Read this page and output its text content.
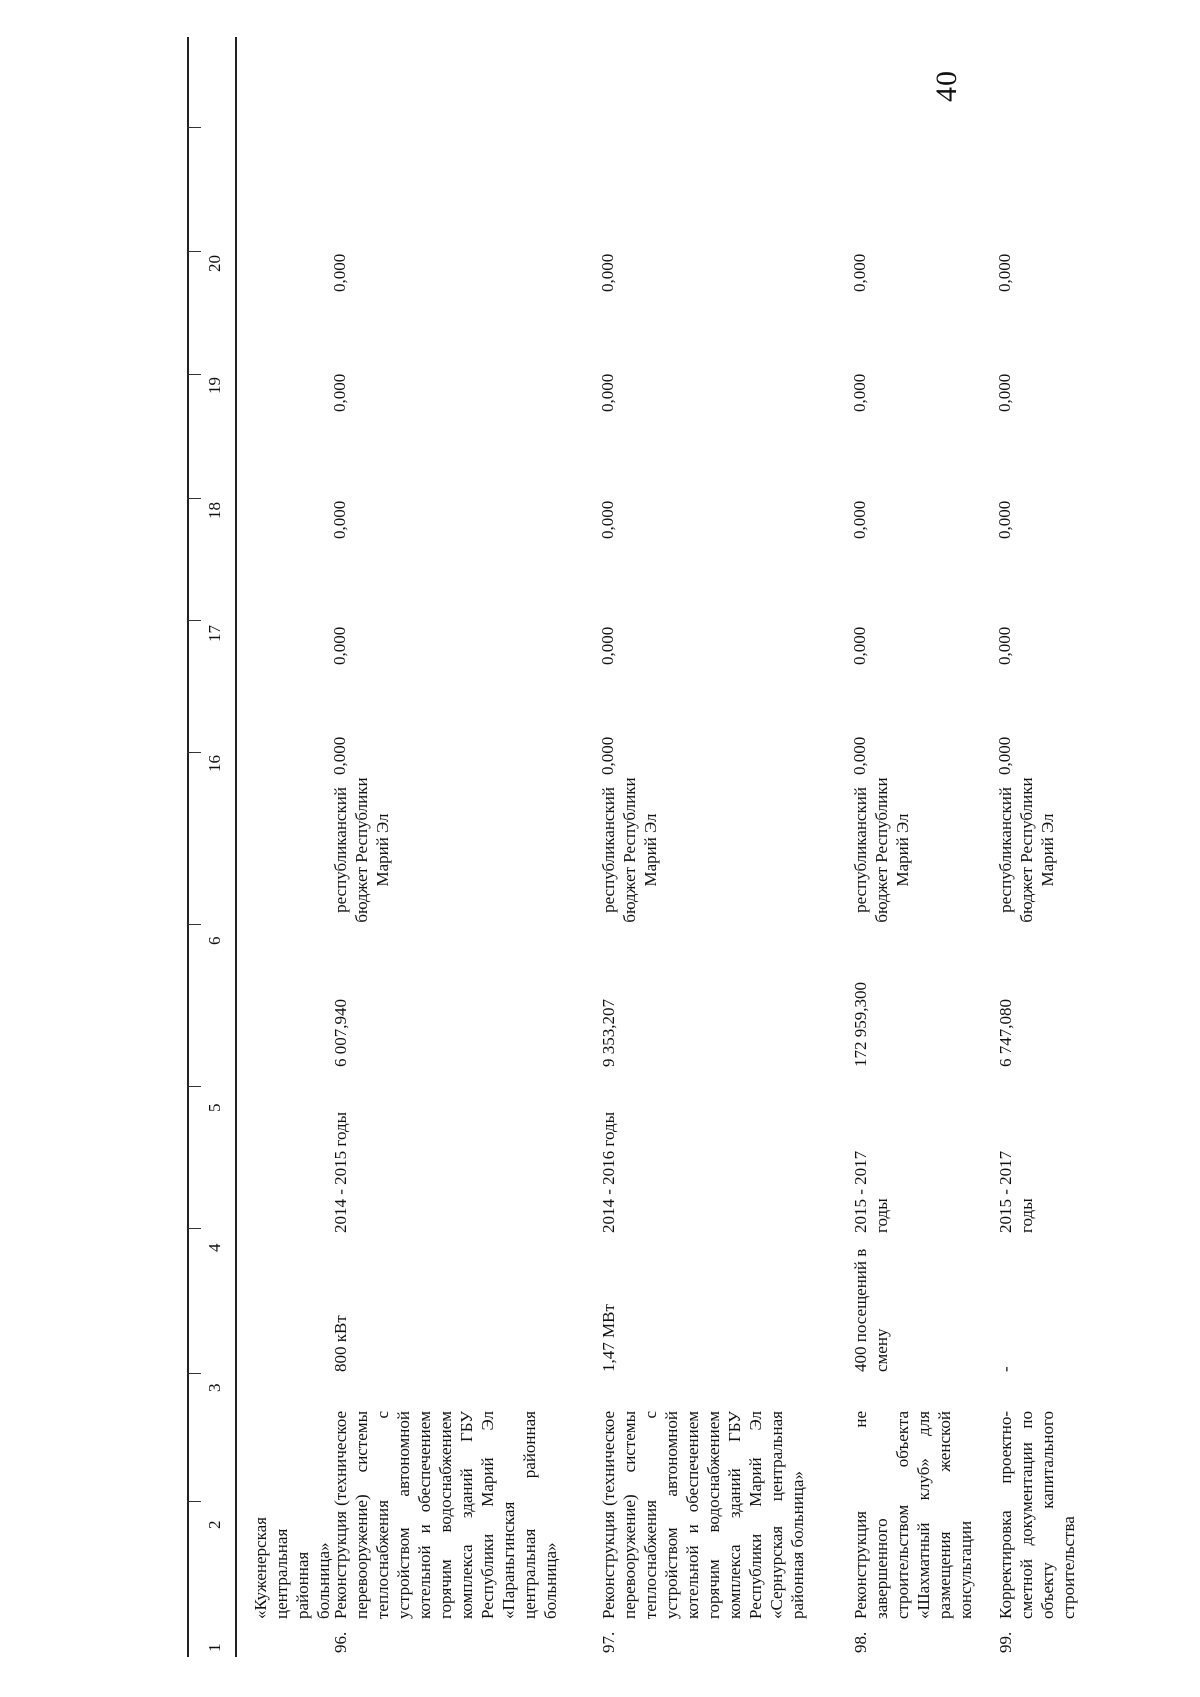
40
1
2
3
4
5
6
16
17
18
19
20
«Куженерская центральная районная больница»
96.
Реконструкция (техническое перевооружение) системы теплоснабжения с устройством автономной котельной и обеспечением горячим водоснабжением комплекса зданий ГБУ Республики Марий Эл «Параньгинская центральная районная больница»
800 кВт
2014 - 2015 годы
6 007,940
республиканский бюджет Республики Марий Эл
0,000
0,000
0,000
0,000
0,000
97.
Реконструкция (техническое перевооружение) системы теплоснабжения с устройством автономной котельной и обеспечением горячим водоснабжением комплекса зданий ГБУ Республики Марий Эл «Сернурская центральная районная больница»
1,47 МВт
2014 - 2016 годы
9 353,207
республиканский бюджет Республики Марий Эл
0,000
0,000
0,000
0,000
0,000
98.
Реконструкция не завершенного строительством объекта «Шахматный клуб» для размещения женской консультации
400 посещений в смену
2015 - 2017 годы
172 959,300
республиканский бюджет Республики Марий Эл
0,000
0,000
0,000
0,000
0,000
99.
Корректировка проектно-сметной документации по объекту капитального строительства
-
2015 - 2017 годы
6 747,080
республиканский бюджет Республики Марий Эл
0,000
0,000
0,000
0,000
0,000
